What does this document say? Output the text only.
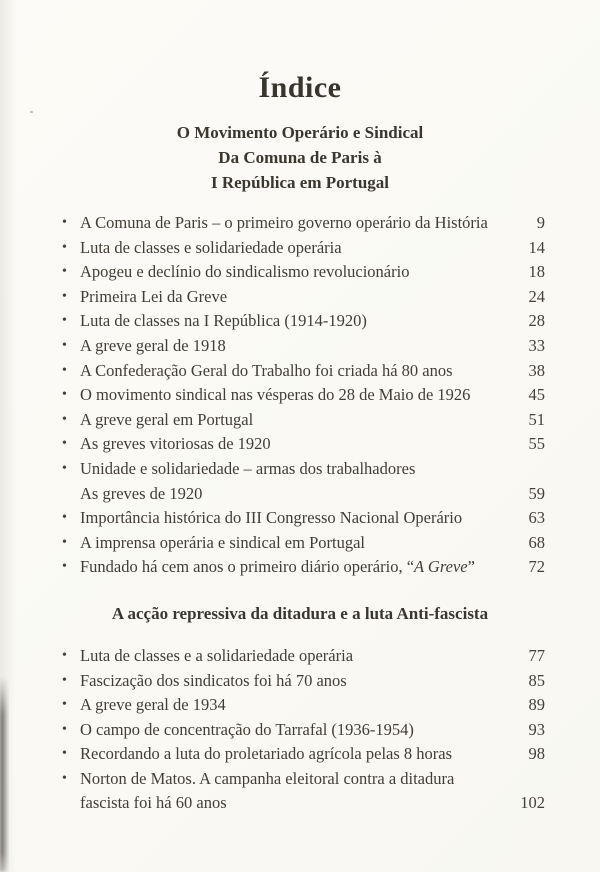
Índice
O Movimento Operário e Sindical
Da Comuna de Paris à
I República em Portugal
• A Comuna de Paris – o primeiro governo operário da História	9
• Luta de classes e solidariedade operária	14
• Apogeu e declínio do sindicalismo revolucionário	18
• Primeira Lei da Greve	24
• Luta de classes na I República (1914-1920)	28
• A greve geral de 1918	33
• A Confederação Geral do Trabalho foi criada há 80 anos	38
• O movimento sindical nas vésperas do 28 de Maio de 1926	45
• A greve geral em Portugal	51
• As greves vitoriosas de 1920	55
• Unidade e solidariedade – armas dos trabalhadores
As greves de 1920	59
• Importância histórica do III Congresso Nacional Operário	63
• A imprensa operária e sindical em Portugal	68
• Fundado há cem anos o primeiro diário operário, “A Greve”	72
A acção repressiva da ditadura e a luta Anti-fascista
• Luta de classes e a solidariedade operária	77
• Fascização dos sindicatos foi há 70 anos	85
• A greve geral de 1934	89
• O campo de concentração do Tarrafal (1936-1954)	93
• Recordando a luta do proletariado agrícola pelas 8 horas	98
• Norton de Matos. A campanha eleitoral contra a ditadura
fascista foi há 60 anos	102
